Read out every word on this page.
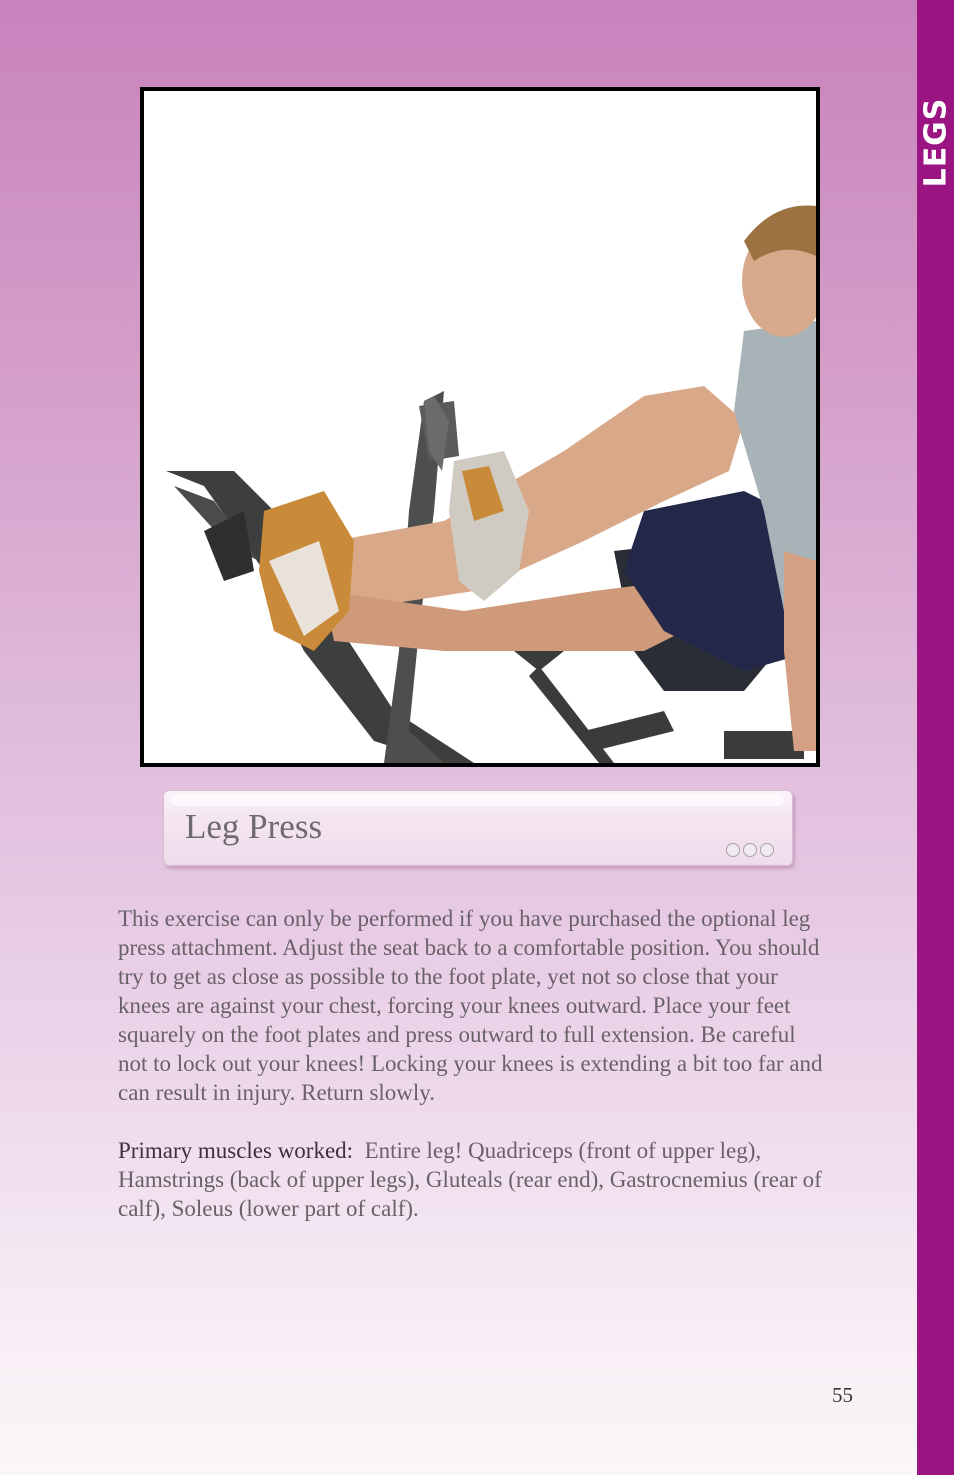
LEGS
Leg Press

This exercise can only be performed if you have purchased the optional leg press attachment. Adjust the seat back to a comfortable position. You should try to get as close as possible to the foot plate, yet not so close that your knees are against your chest, forcing your knees outward. Place your feet squarely on the foot plates and press outward to full extension. Be careful not to lock out your knees! Locking your knees is extending a bit too far and can result in injury. Return slowly.

Primary muscles worked: Entire leg! Quadriceps (front of upper leg), Hamstrings (back of upper legs), Gluteals (rear end), Gastrocnemius (rear of calf), Soleus (lower part of calf).

55
